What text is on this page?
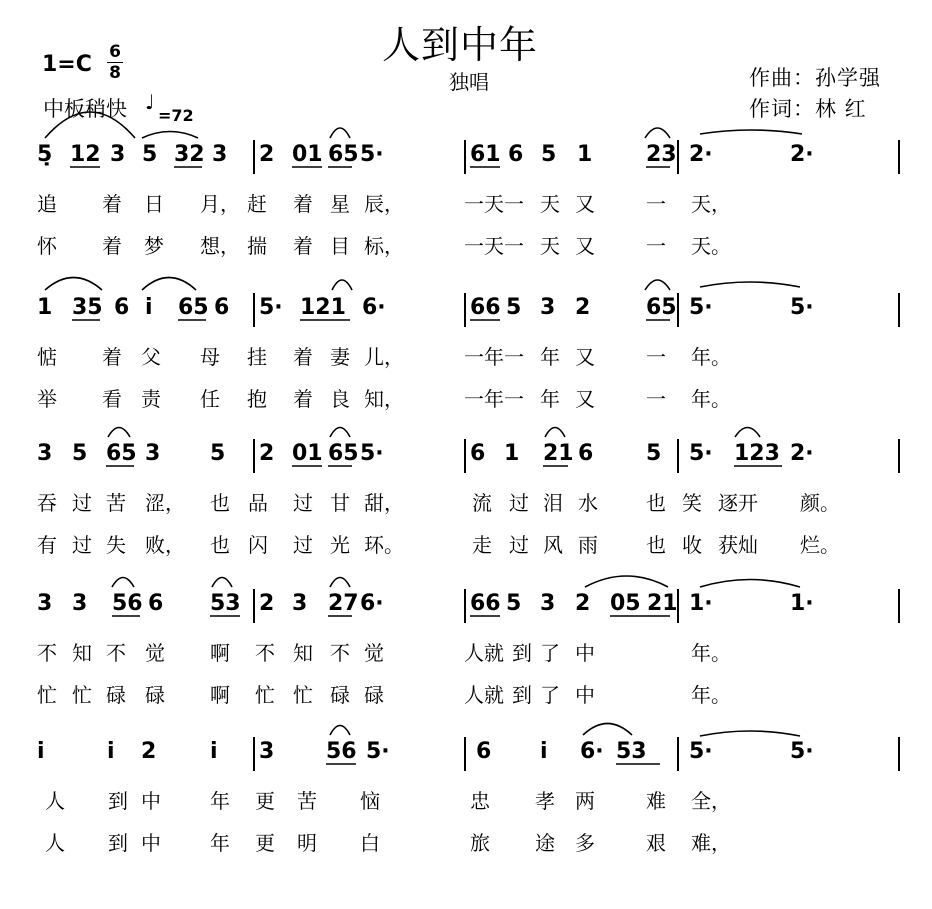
人到中年
独唱
1=C 6
8
中板稍快 ♩
=72
作曲：孙学强
作词：林 红
5̣ 12 3 5 32 3 2 01 65 5·	61 6 5 1 23 2·	2·
追 着 日 月， 赶 着 星 辰，	一天一 天 又	一 天，
怀 着 梦 想， 揣 着 目 标，	一天一 天 又	一 天。
1 35 6 i 65 6 5· 121 6·	66 5 3 2	65 5·	5·
惦 着 父 母 挂 着 妻 儿，	一年一 年 又	一 年。
举 看 责 任 抱 着 良 知，	一年一 年 又	一 年。
3 5 65 3 5 2 01 65 5·	6 1 21 6 5 5· 123 2·
吞 过 苦 涩， 也 品 过 甘 甜，	流 过 泪 水 也 笑 逐开 颜。
有 过 失 败， 也 闪 过 光 环。	走 过 风 雨 也 收 获灿 烂。
3 3 56 6 53 2 3 27 6·	66 5 3 2 05 21 1·	1·
不 知 不 觉 啊 不 知 不 觉	人就 到 了 中	年。
忙 忙 碌 碌 啊 忙 忙 碌 碌	人就 到 了 中	年。
i	i 2 i 3 56 5·	6 i 6· 53 5·	5·
人 到 中 年 更 苦 恼	忠 孝 两	难 全，
人 到 中 年 更 明 白	旅 途 多	艰 难，
